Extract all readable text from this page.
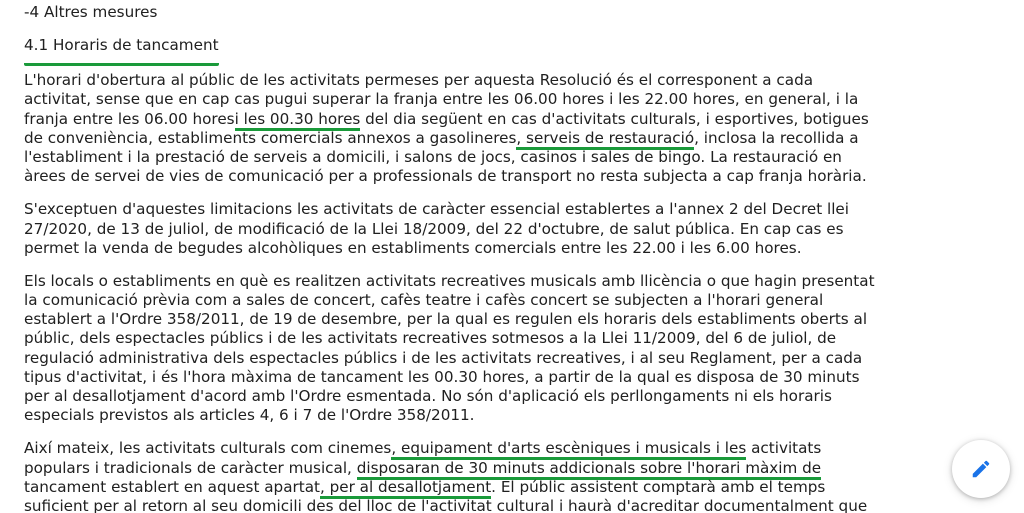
-4 Altres mesures

4.1 Horaris de tancament

L'horari d'obertura al públic de les activitats permeses per aquesta Resolució és el corresponent a cada
activitat, sense que en cap cas pugui superar la franja entre les 06.00 hores i les 22.00 hores, en general, i la
franja entre les 06.00 horesi les 00.30 hores del dia següent en cas d'activitats culturals, i esportives, botigues
de conveniència, establiments comercials annexos a gasolineres, serveis de restauració, inclosa la recollida a
l'establiment i la prestació de serveis a domicili, i salons de jocs, casinos i sales de bingo. La restauració en
àrees de servei de vies de comunicació per a professionals de transport no resta subjecta a cap franja horària.

S'exceptuen d'aquestes limitacions les activitats de caràcter essencial establertes a l'annex 2 del Decret llei
27/2020, de 13 de juliol, de modificació de la Llei 18/2009, del 22 d'octubre, de salut pública. En cap cas es
permet la venda de begudes alcohòliques en establiments comercials entre les 22.00 i les 6.00 hores.

Els locals o establiments en què es realitzen activitats recreatives musicals amb llicència o que hagin presentat
la comunicació prèvia com a sales de concert, cafès teatre i cafès concert se subjecten a l'horari general
establert a l'Ordre 358/2011, de 19 de desembre, per la qual es regulen els horaris dels establiments oberts al
públic, dels espectacles públics i de les activitats recreatives sotmesos a la Llei 11/2009, del 6 de juliol, de
regulació administrativa dels espectacles públics i de les activitats recreatives, i al seu Reglament, per a cada
tipus d'activitat, i és l'hora màxima de tancament les 00.30 hores, a partir de la qual es disposa de 30 minuts
per al desallotjament d'acord amb l'Ordre esmentada. No són d'aplicació els perllongaments ni els horaris
especials previstos als articles 4, 6 i 7 de l'Ordre 358/2011.

Així mateix, les activitats culturals com cinemes, equipament d'arts escèniques i musicals i les activitats
populars i tradicionals de caràcter musical, disposaran de 30 minuts addicionals sobre l'horari màxim de
tancament establert en aquest apartat, per al desallotjament. El públic assistent comptarà amb el temps
suficient per al retorn al seu domicili des del lloc de l'activitat cultural i haurà d'acreditar documentalment que
